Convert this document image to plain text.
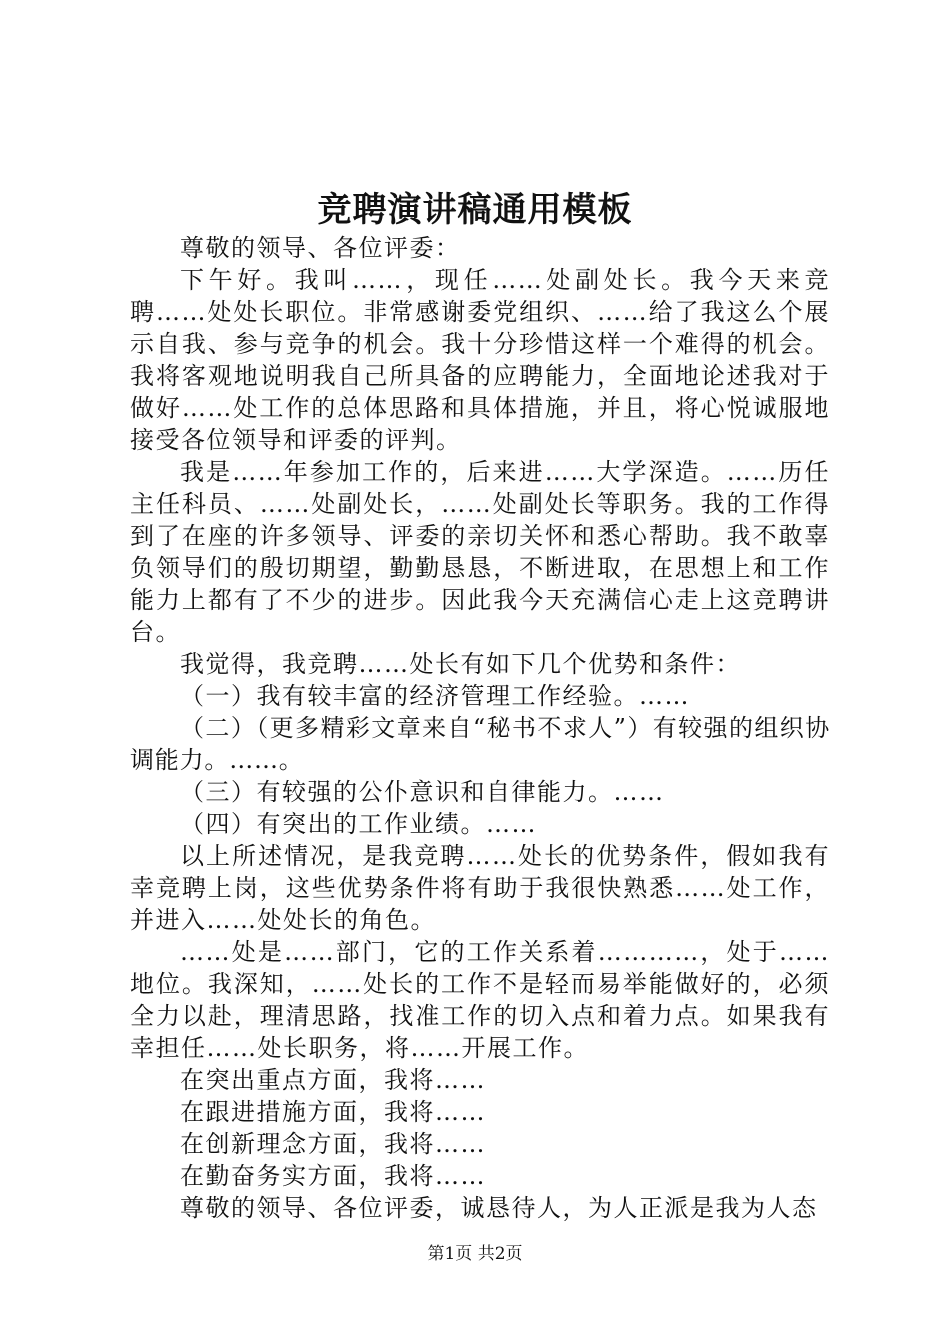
竞聘演讲稿通用模板

尊敬的领导、各位评委：

下午好。我叫……，现任……处副处长。我今天来竞聘……处处长职位。非常感谢委党组织、……给了我这么个展示自我、参与竞争的机会。我十分珍惜这样一个难得的机会。我将客观地说明我自己所具备的应聘能力，全面地论述我对于做好……处工作的总体思路和具体措施，并且，将心悦诚服地接受各位领导和评委的评判。

我是……年参加工作的，后来进……大学深造。……历任主任科员、……处副处长，……处副处长等职务。我的工作得到了在座的许多领导、评委的亲切关怀和悉心帮助。我不敢辜负领导们的殷切期望，勤勤恳恳，不断进取，在思想上和工作能力上都有了不少的进步。因此我今天充满信心走上这竞聘讲台。

我觉得，我竞聘……处长有如下几个优势和条件：

（一）我有较丰富的经济管理工作经验。……

（二）（更多精彩文章来自“秘书不求人”）有较强的组织协调能力。……。

（三）有较强的公仆意识和自律能力。……

（四）有突出的工作业绩。……

以上所述情况，是我竞聘……处长的优势条件，假如我有幸竞聘上岗，这些优势条件将有助于我很快熟悉……处工作，并进入……处处长的角色。

……处是……部门，它的工作关系着…………，处于……地位。我深知，……处长的工作不是轻而易举能做好的，必须全力以赴，理清思路，找准工作的切入点和着力点。如果我有幸担任……处长职务，将……开展工作。

在突出重点方面，我将……

在跟进措施方面，我将……

在创新理念方面，我将……

在勤奋务实方面，我将……

尊敬的领导、各位评委，诚恳待人，为人正派是我为人态

第1页 共2页
